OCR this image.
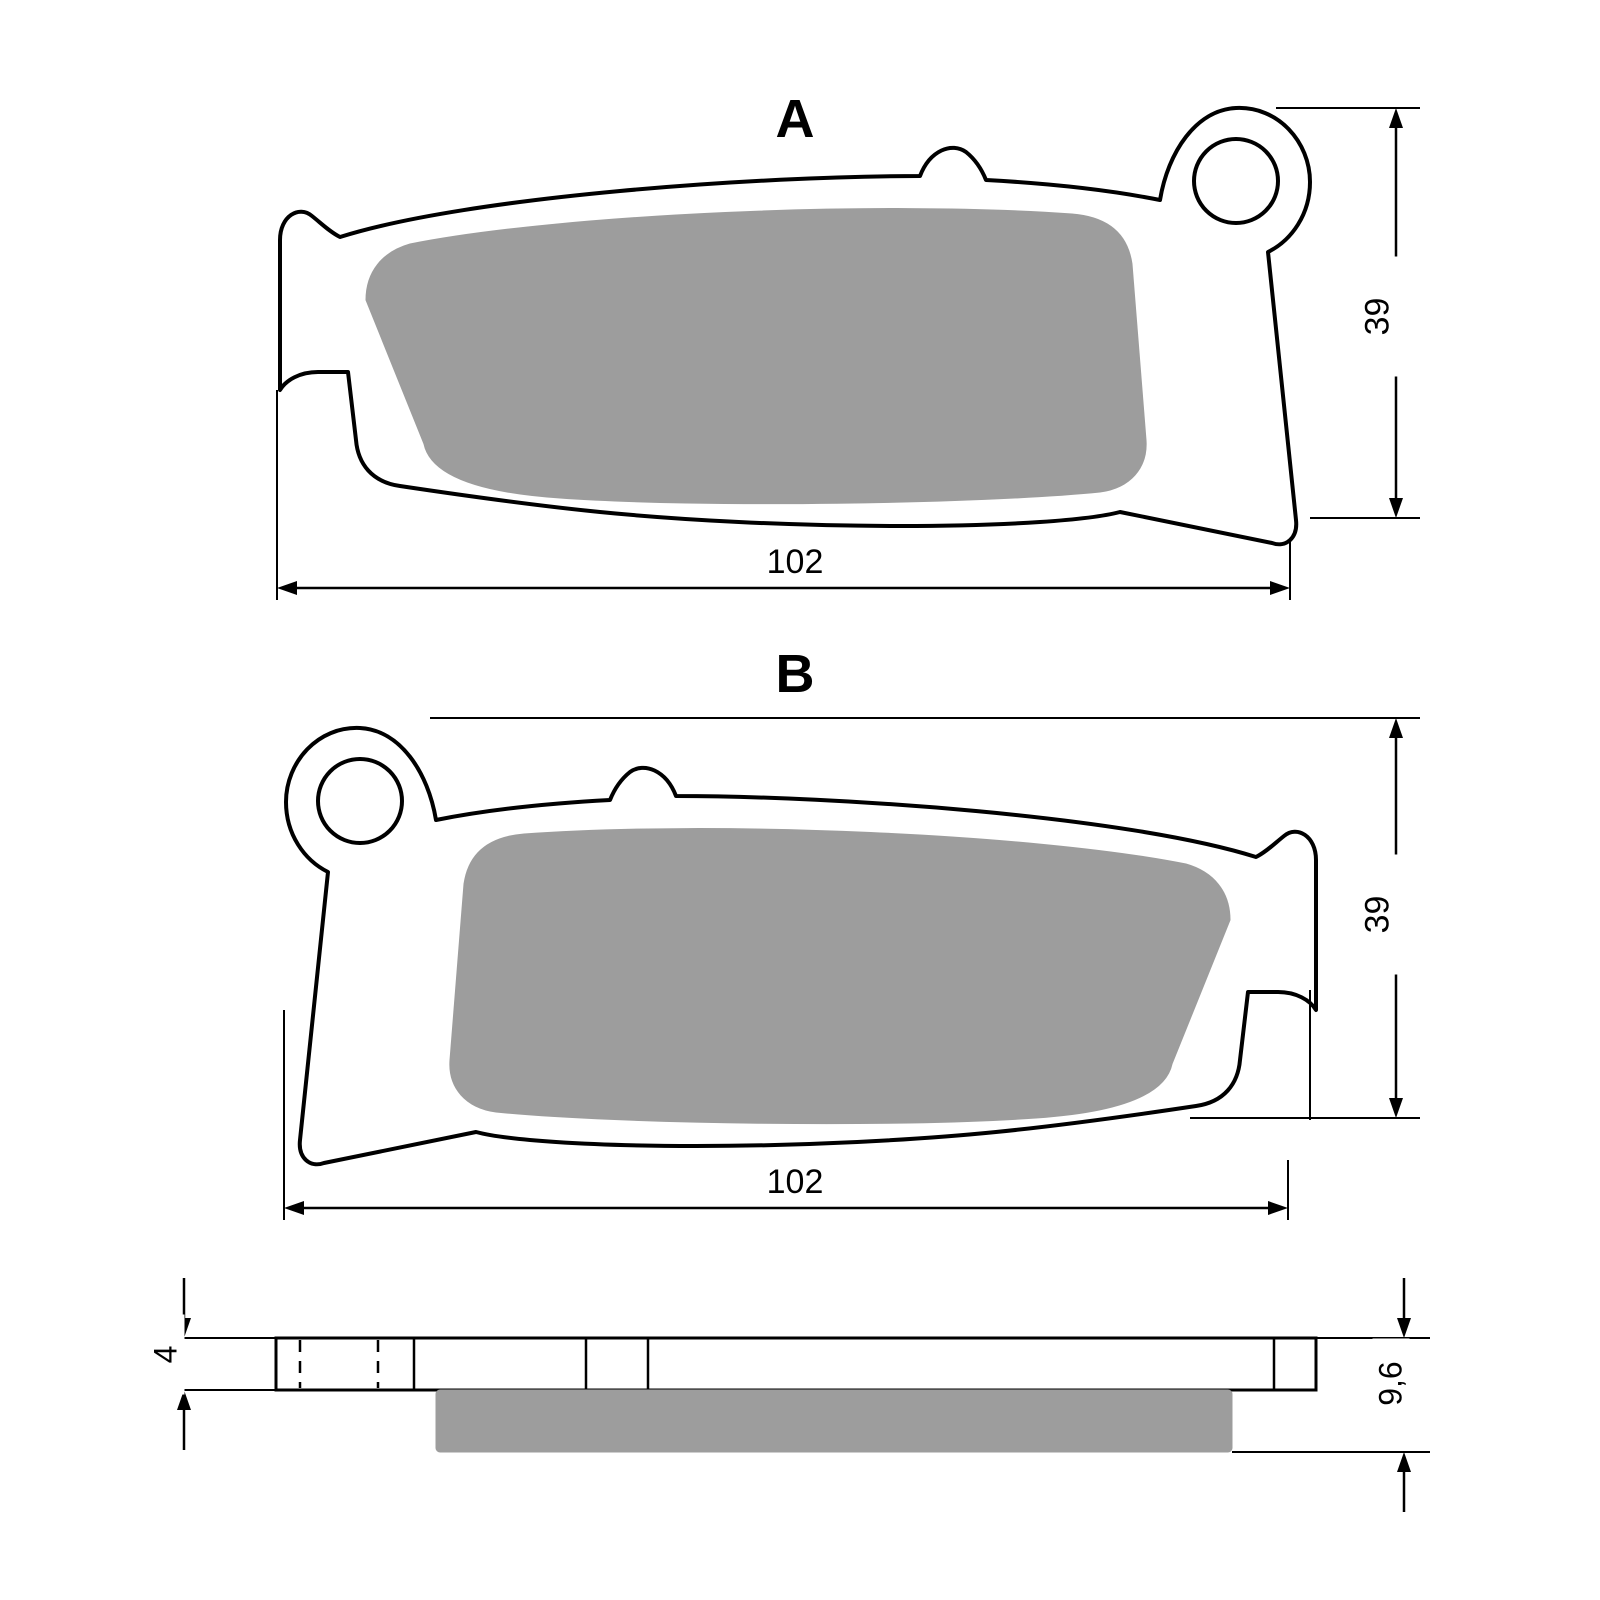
A
B
102
102
39
39
4
9,6
